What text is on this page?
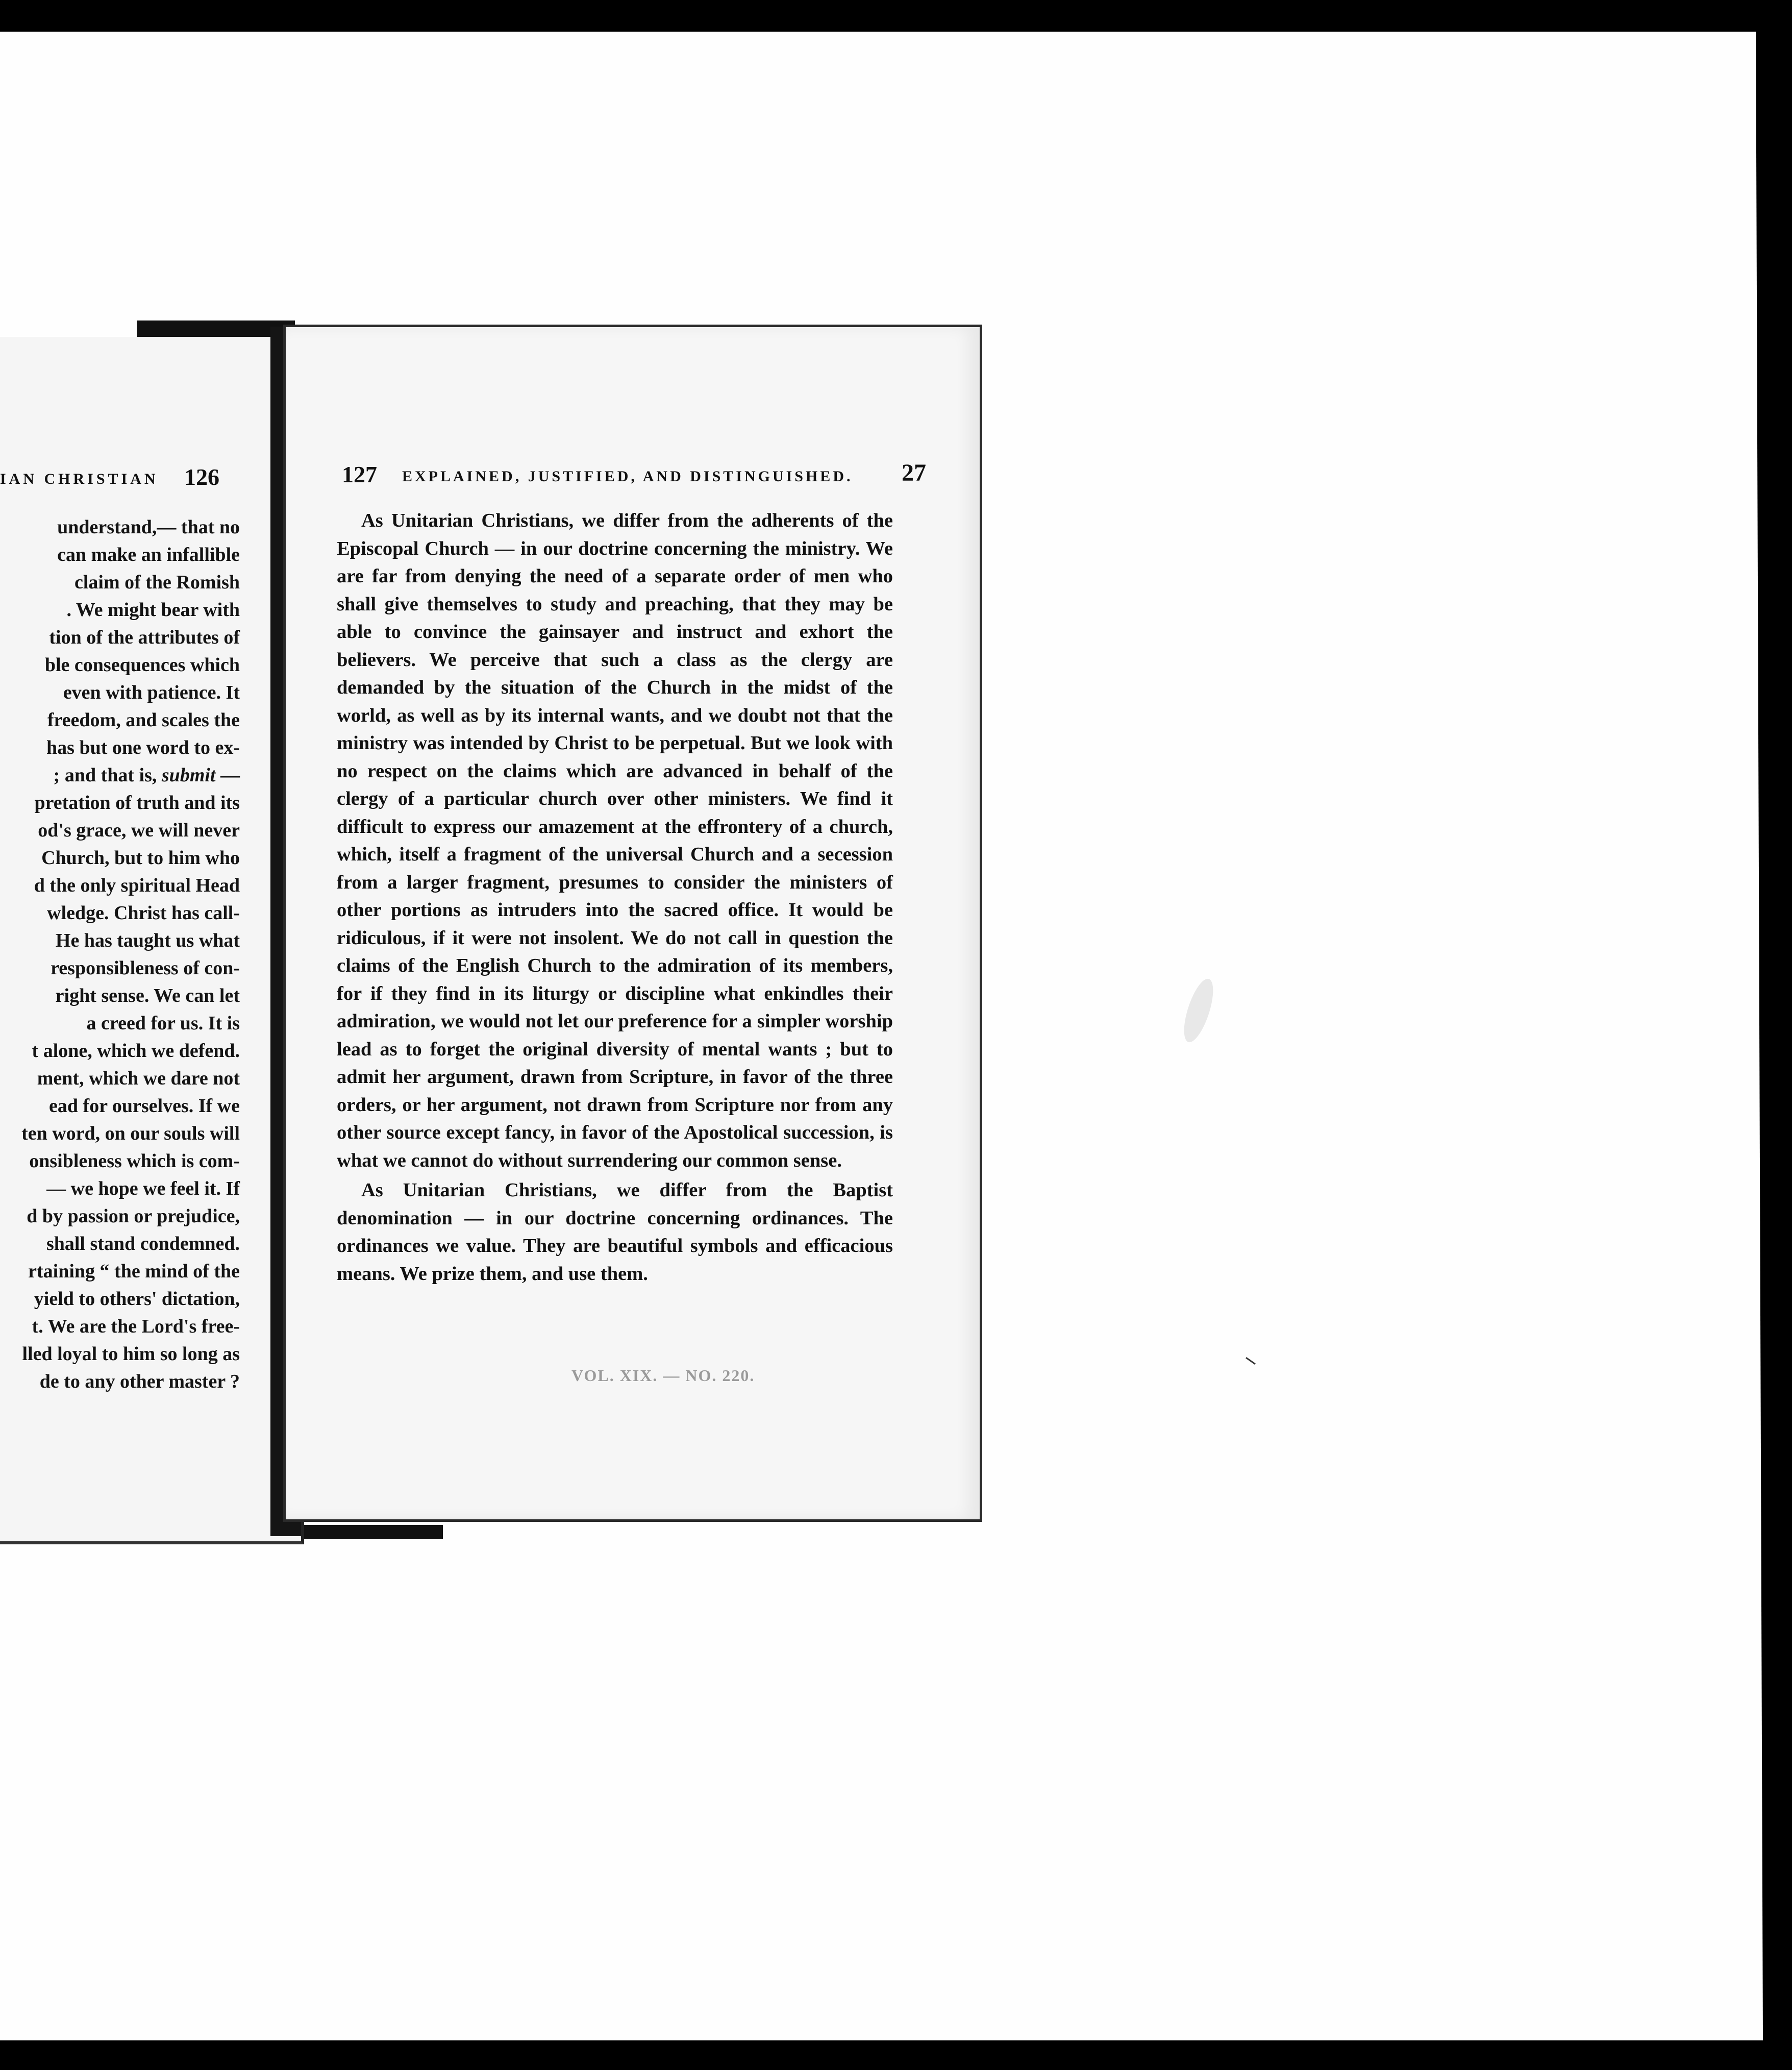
IAN CHRISTIAN 126
understand,— that no
can make an infallible
claim of the Romish
. We might bear with
tion of the attributes of
ble consequences which
even with patience. It
freedom, and scales the
has but one word to ex-
; and that is, submit —
pretation of truth and its
od's grace, we will never
Church, but to him who
d the only spiritual Head
wledge. Christ has call-
He has taught us what
responsibleness of con-
right sense. We can let
a creed for us. It is
t alone, which we defend.
ment, which we dare not
ead for ourselves. If we
ten word, on our souls will
onsibleness which is com-
— we hope we feel it. If
d by passion or prejudice,
shall stand condemned.
rtaining “ the mind of the
yield to others' dictation,
t. We are the Lord's free-
lled loyal to him so long as
de to any other master ?
127 EXPLAINED, JUSTIFIED, AND DISTINGUISHED. 27

As Unitarian Christians, we differ from the adherents of the Episcopal Church — in our doctrine concerning the ministry. We are far from denying the need of a separate order of men who shall give themselves to study and preaching, that they may be able to convince the gainsayer and instruct and exhort the believers. We perceive that such a class as the clergy are demanded by the situation of the Church in the midst of the world, as well as by its internal wants, and we doubt not that the ministry was intended by Christ to be perpetual. But we look with no respect on the claims which are advanced in behalf of the clergy of a particular church over other ministers. We find it difficult to express our amazement at the effrontery of a church, which, itself a fragment of the universal Church and a secession from a larger fragment, presumes to consider the ministers of other portions as intruders into the sacred office. It would be ridiculous, if it were not insolent. We do not call in question the claims of the English Church to the admiration of its members, for if they find in its liturgy or discipline what enkindles their admiration, we would not let our preference for a simpler worship lead as to forget the original diversity of mental wants ; but to admit her argument, drawn from Scripture, in favor of the three orders, or her argument, not drawn from Scripture nor from any other source except fancy, in favor of the Apostolical succession, is what we cannot do without surrendering our common sense.

As Unitarian Christians, we differ from the Baptist denomination — in our doctrine concerning ordinances. The ordinances we value. They are beautiful symbols and efficacious means. We prize them, and use them.

VOL. XIX. — NO. 220.
